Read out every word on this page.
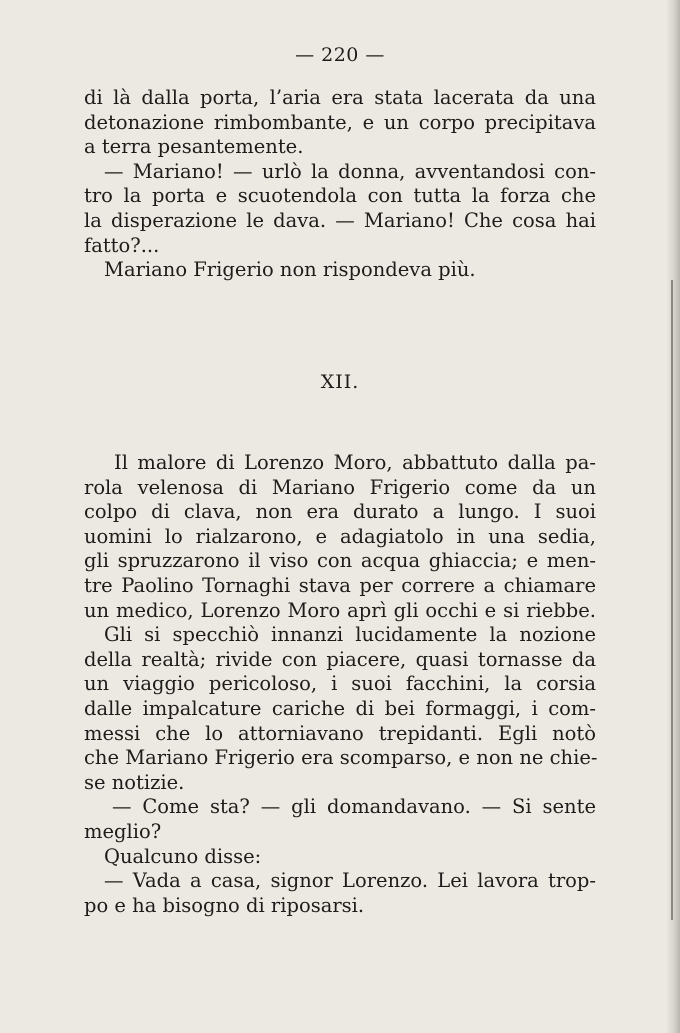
— 220 —
di là dalla porta, l’aria era stata lacerata da una
detonazione rimbombante, e un corpo precipitava
a terra pesantemente.
— Mariano! — urlò la donna, avventandosi con-
tro la porta e scuotendola con tutta la forza che
la disperazione le dava. — Mariano! Che cosa hai
fatto?...
Mariano Frigerio non rispondeva più.
XII.
Il malore di Lorenzo Moro, abbattuto dalla pa-
rola velenosa di Mariano Frigerio come da un
colpo di clava, non era durato a lungo. I suoi
uomini lo rialzarono, e adagiatolo in una sedia,
gli spruzzarono il viso con acqua ghiaccia; e men-
tre Paolino Tornaghi stava per correre a chiamare
un medico, Lorenzo Moro aprì gli occhi e si riebbe.
Gli si specchiò innanzi lucidamente la nozione
della realtà; rivide con piacere, quasi tornasse da
un viaggio pericoloso, i suoi facchini, la corsia
dalle impalcature cariche di bei formaggi, i com-
messi che lo attorniavano trepidanti. Egli notò
che Mariano Frigerio era scomparso, e non ne chie-
se notizie.
— Come sta? — gli domandavano. — Si sente
meglio?
Qualcuno disse:
— Vada a casa, signor Lorenzo. Lei lavora trop-
po e ha bisogno di riposarsi.
